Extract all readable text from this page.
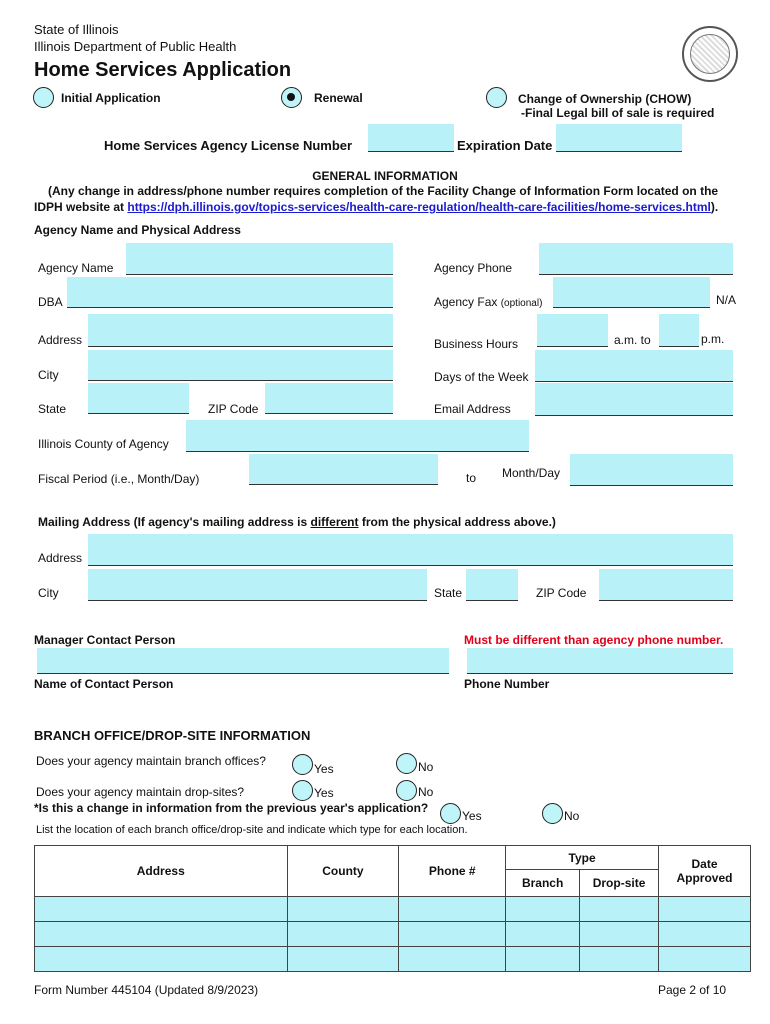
State of Illinois
Illinois Department of Public Health
Home Services Application
Initial Application	Renewal	Change of Ownership (CHOW)
-Final Legal bill of sale is required
Home Services Agency License Number	Expiration Date
GENERAL INFORMATION
(Any change in address/phone number requires completion of the Facility Change of Information Form located on the
IDPH website at https://dph.illinois.gov/topics-services/health-care-regulation/health-care-facilities/home-services.html).
Agency Name and Physical Address
Agency Name
DBA
Address
City
State	ZIP Code
Illinois County of Agency
Fiscal Period (i.e., Month/Day)	to Month/Day
Agency Phone
Agency Fax (optional)	N/A
Business Hours	a.m. to	p.m.
Days of the Week
Email Address
Mailing Address (If agency's mailing address is different from the physical address above.)
Address
City	State	ZIP Code
Manager Contact Person	Must be different than agency phone number.
Name of Contact Person	Phone Number
BRANCH OFFICE/DROP-SITE INFORMATION
Does your agency maintain branch offices?
Yes	No
Does your agency maintain drop-sites?	Yes	No
*Is this a change in information from the previous year's application?
Yes	No
List the location of each branch office/drop-site and indicate which type for each location.
Address	County	Phone #	Type		Date Approved
			Branch	Drop-site	

Form Number 445104 (Updated 8/9/2023)	Page 2 of 10
